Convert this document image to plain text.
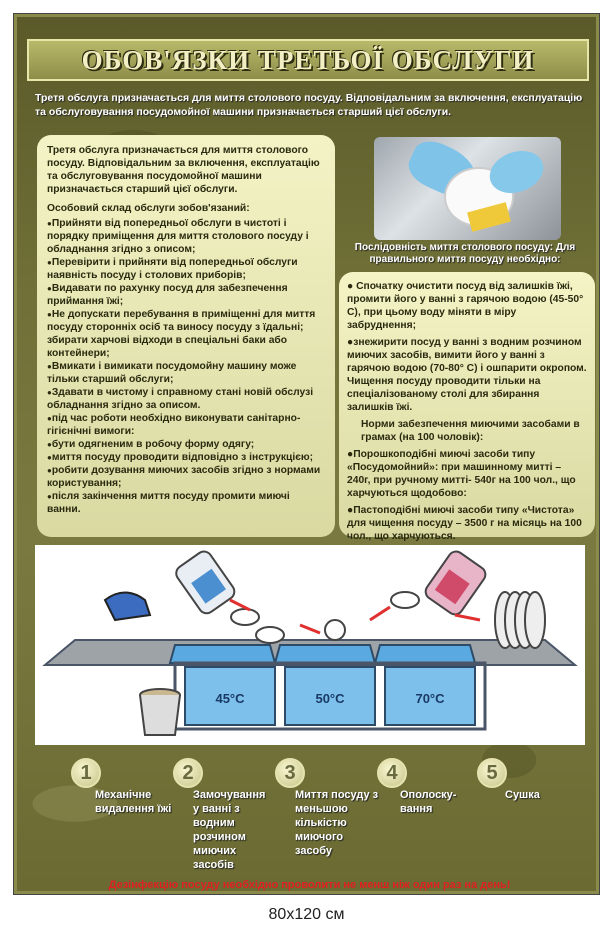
ОБОВ'ЯЗКИ ТРЕТЬОЇ ОБСЛУГИ
Третя обслуга призначається для миття столового посуду. Відповідальним за включення, експлуатацію та обслуговування посудомойної машини призначається старший цієї обслуги.

Третя обслуга призначається для миття столового посуду. Відповідальним за включення, експлуатацію та обслуговування посудомойної машини призначається старший цієї обслуги.

Особовий склад обслуги зобов'язаний:

● Прийняти від попередньої обслуги в чистоті і порядку приміщення для миття столового посуду і обладнання згідно з описом;
● Перевірити і прийняти від попередньої обслуги наявність посуду і столових приборів;
● Видавати по рахунку посуд для забезпечення приймання їжі;
● Не допускати перебування в приміщенні для миття посуду сторонніх осіб та виносу посуду з їдальні; збирати харчові відходи в спеціальні баки або контейнери;
● Вмикати і вимикати посудомойну машину може тільки старший обслуги;
● Здавати в чистому і справному стані новій обслузі обладнання згідно за описом.
● під час роботи необхідно виконувати санітарно-гігієнічні вимоги:
● бути одягненим в робочу форму одягу;
● миття посуду проводити відповідно з інструкцією;
● робити дозування миючих засобів згідно з нормами користування;
● після закінчення миття посуду промити миючі ванни.
Послідовність миття столового посуду: Для правильного миття посуду необхідно:

● Спочатку очистити посуд від залишків їжі, промити його у ванні з гарячою водою (45-50° С), при цьому воду міняти в міру забруднення;

●знежирити посуд у ванні з водним розчином миючих засобів, вимити його у ванні з гарячою водою (70-80° С) і ошпарити окропом. Чищення посуду проводити тільки на спеціалізованому столі для збирання залишків їжі.

Норми забезпечення миючими засобами в грамах (на 100 чоловік):

●Порошкоподібні миючі засоби типу «Посудомойний»: при машинному митті – 240г, при ручному митті- 540г на 100 чол., що харчуються щодобово:

●Пастоподібні миючі засоби типу «Чистота» для чищення посуду – 3500 г на місяць на 100 чол., що харчуються.

45°C	50°C	70°C
1
Механічне видалення їжі
2
Замочування у ванні з водним розчином миючих засобів
3
Миття посуду з меньшою кількістю миючого засобу
4
Ополоску-вання
5
Сушка
Дезінфекцію посуду необхідно проволити не менш ніж один раз на день!
80x120 см
